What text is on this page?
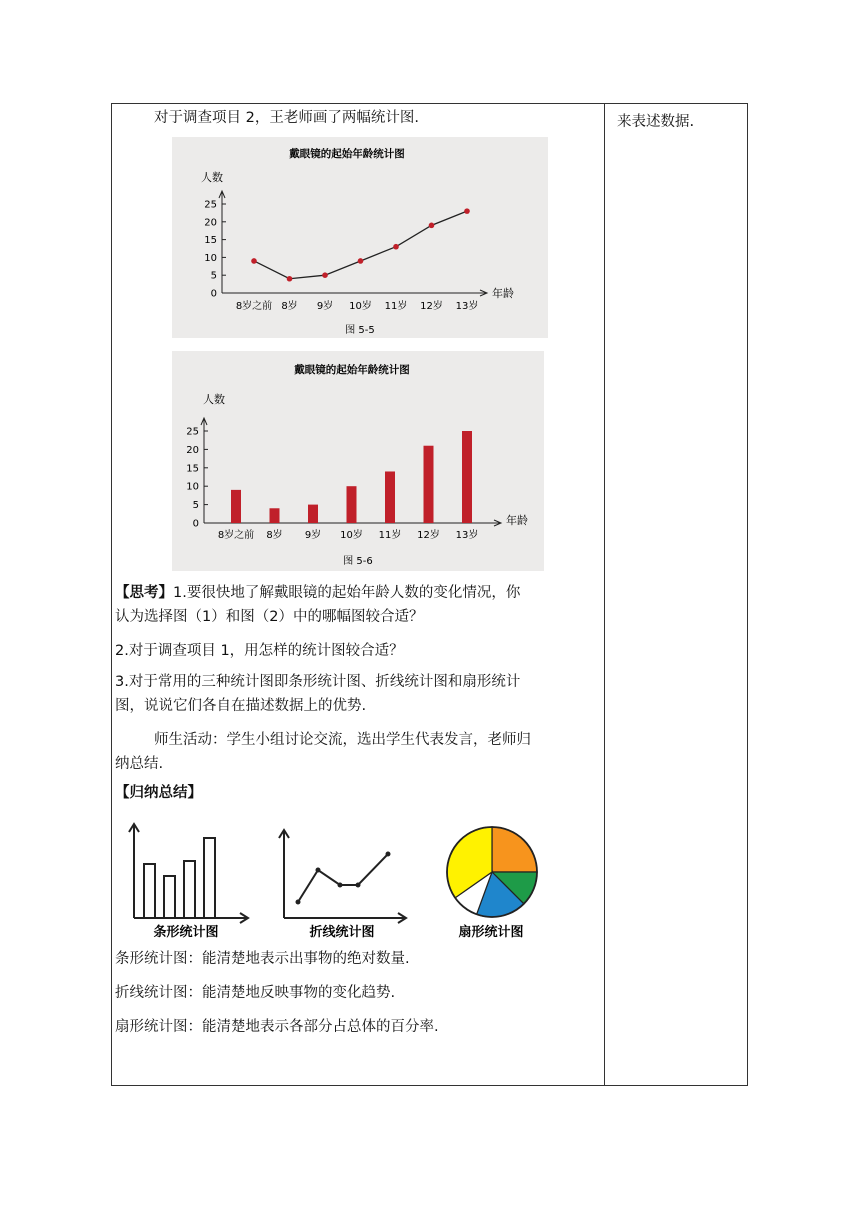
对于调查项目 2，王老师画了两幅统计图.
戴眼镜的起始年龄统计图
人数
年龄
图 5-5
0
5
10
15
20
25
8岁之前 8岁 9岁 10岁 11岁 12岁 13岁
戴眼镜的起始年龄统计图
人数
年龄
图 5-6
0
5
10
15
20
25
8岁之前 8岁 9岁 10岁 11岁 12岁 13岁
【思考】1.要很快地了解戴眼镜的起始年龄人数的变化情况，你
认为选择图（1）和图（2）中的哪幅图较合适？
2.对于调查项目 1，用怎样的统计图较合适？
3.对于常用的三种统计图即条形统计图、折线统计图和扇形统计
图，说说它们各自在描述数据上的优势.
师生活动：学生小组讨论交流，选出学生代表发言，老师归
纳总结.
【归纳总结】
条形统计图	折线统计图	扇形统计图
条形统计图：能清楚地表示出事物的绝对数量.
折线统计图：能清楚地反映事物的变化趋势.
扇形统计图：能清楚地表示各部分占总体的百分率.
来表述数据.
